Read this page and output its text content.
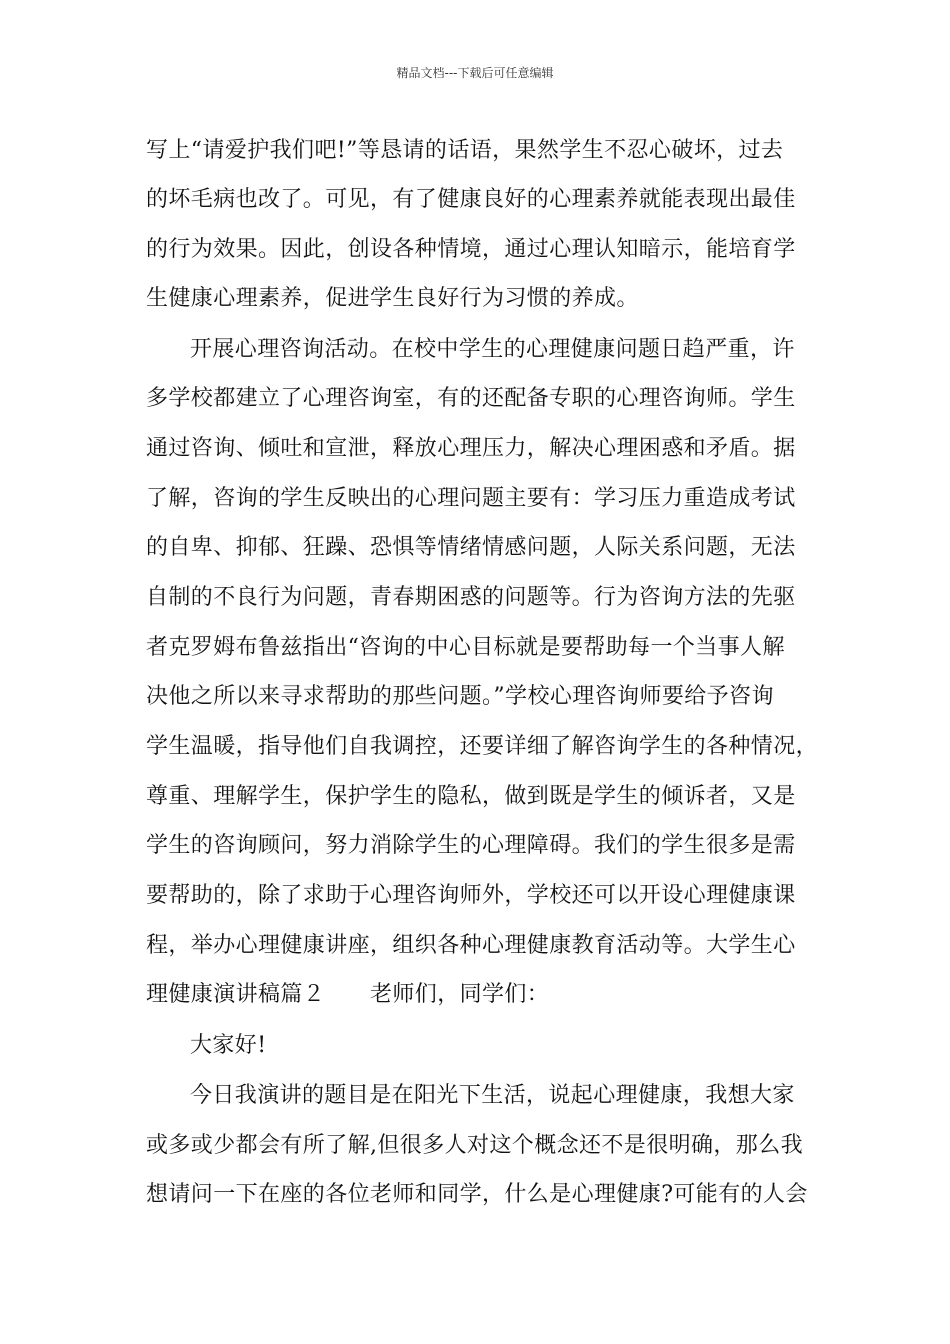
精品文档---下载后可任意编辑
写上“请爱护我们吧!”等恳请的话语，果然学生不忍心破坏，过去
的坏毛病也改了。可见，有了健康良好的心理素养就能表现出最佳
的行为效果。因此，创设各种情境，通过心理认知暗示，能培育学
生健康心理素养，促进学生良好行为习惯的养成。
开展心理咨询活动。在校中学生的心理健康问题日趋严重，许
多学校都建立了心理咨询室，有的还配备专职的心理咨询师。学生
通过咨询、倾吐和宣泄，释放心理压力，解决心理困惑和矛盾。据
了解，咨询的学生反映出的心理问题主要有：学习压力重造成考试
的自卑、抑郁、狂躁、恐惧等情绪情感问题，人际关系问题，无法
自制的不良行为问题，青春期困惑的问题等。行为咨询方法的先驱
者克罗姆布鲁兹指出“咨询的中心目标就是要帮助每一个当事人解
决他之所以来寻求帮助的那些问题。”学校心理咨询师要给予咨询
学生温暖，指导他们自我调控，还要详细了解咨询学生的各种情况，
尊重、理解学生，保护学生的隐私，做到既是学生的倾诉者，又是
学生的咨询顾问，努力消除学生的心理障碍。我们的学生很多是需
要帮助的，除了求助于心理咨询师外，学校还可以开设心理健康课
程，举办心理健康讲座，组织各种心理健康教育活动等。大学生心
理健康演讲稿篇２　　老师们，同学们：
大家好!
今日我演讲的题目是在阳光下生活，说起心理健康，我想大家
或多或少都会有所了解,但很多人对这个概念还不是很明确，那么我
想请问一下在座的各位老师和同学，什么是心理健康?可能有的人会
